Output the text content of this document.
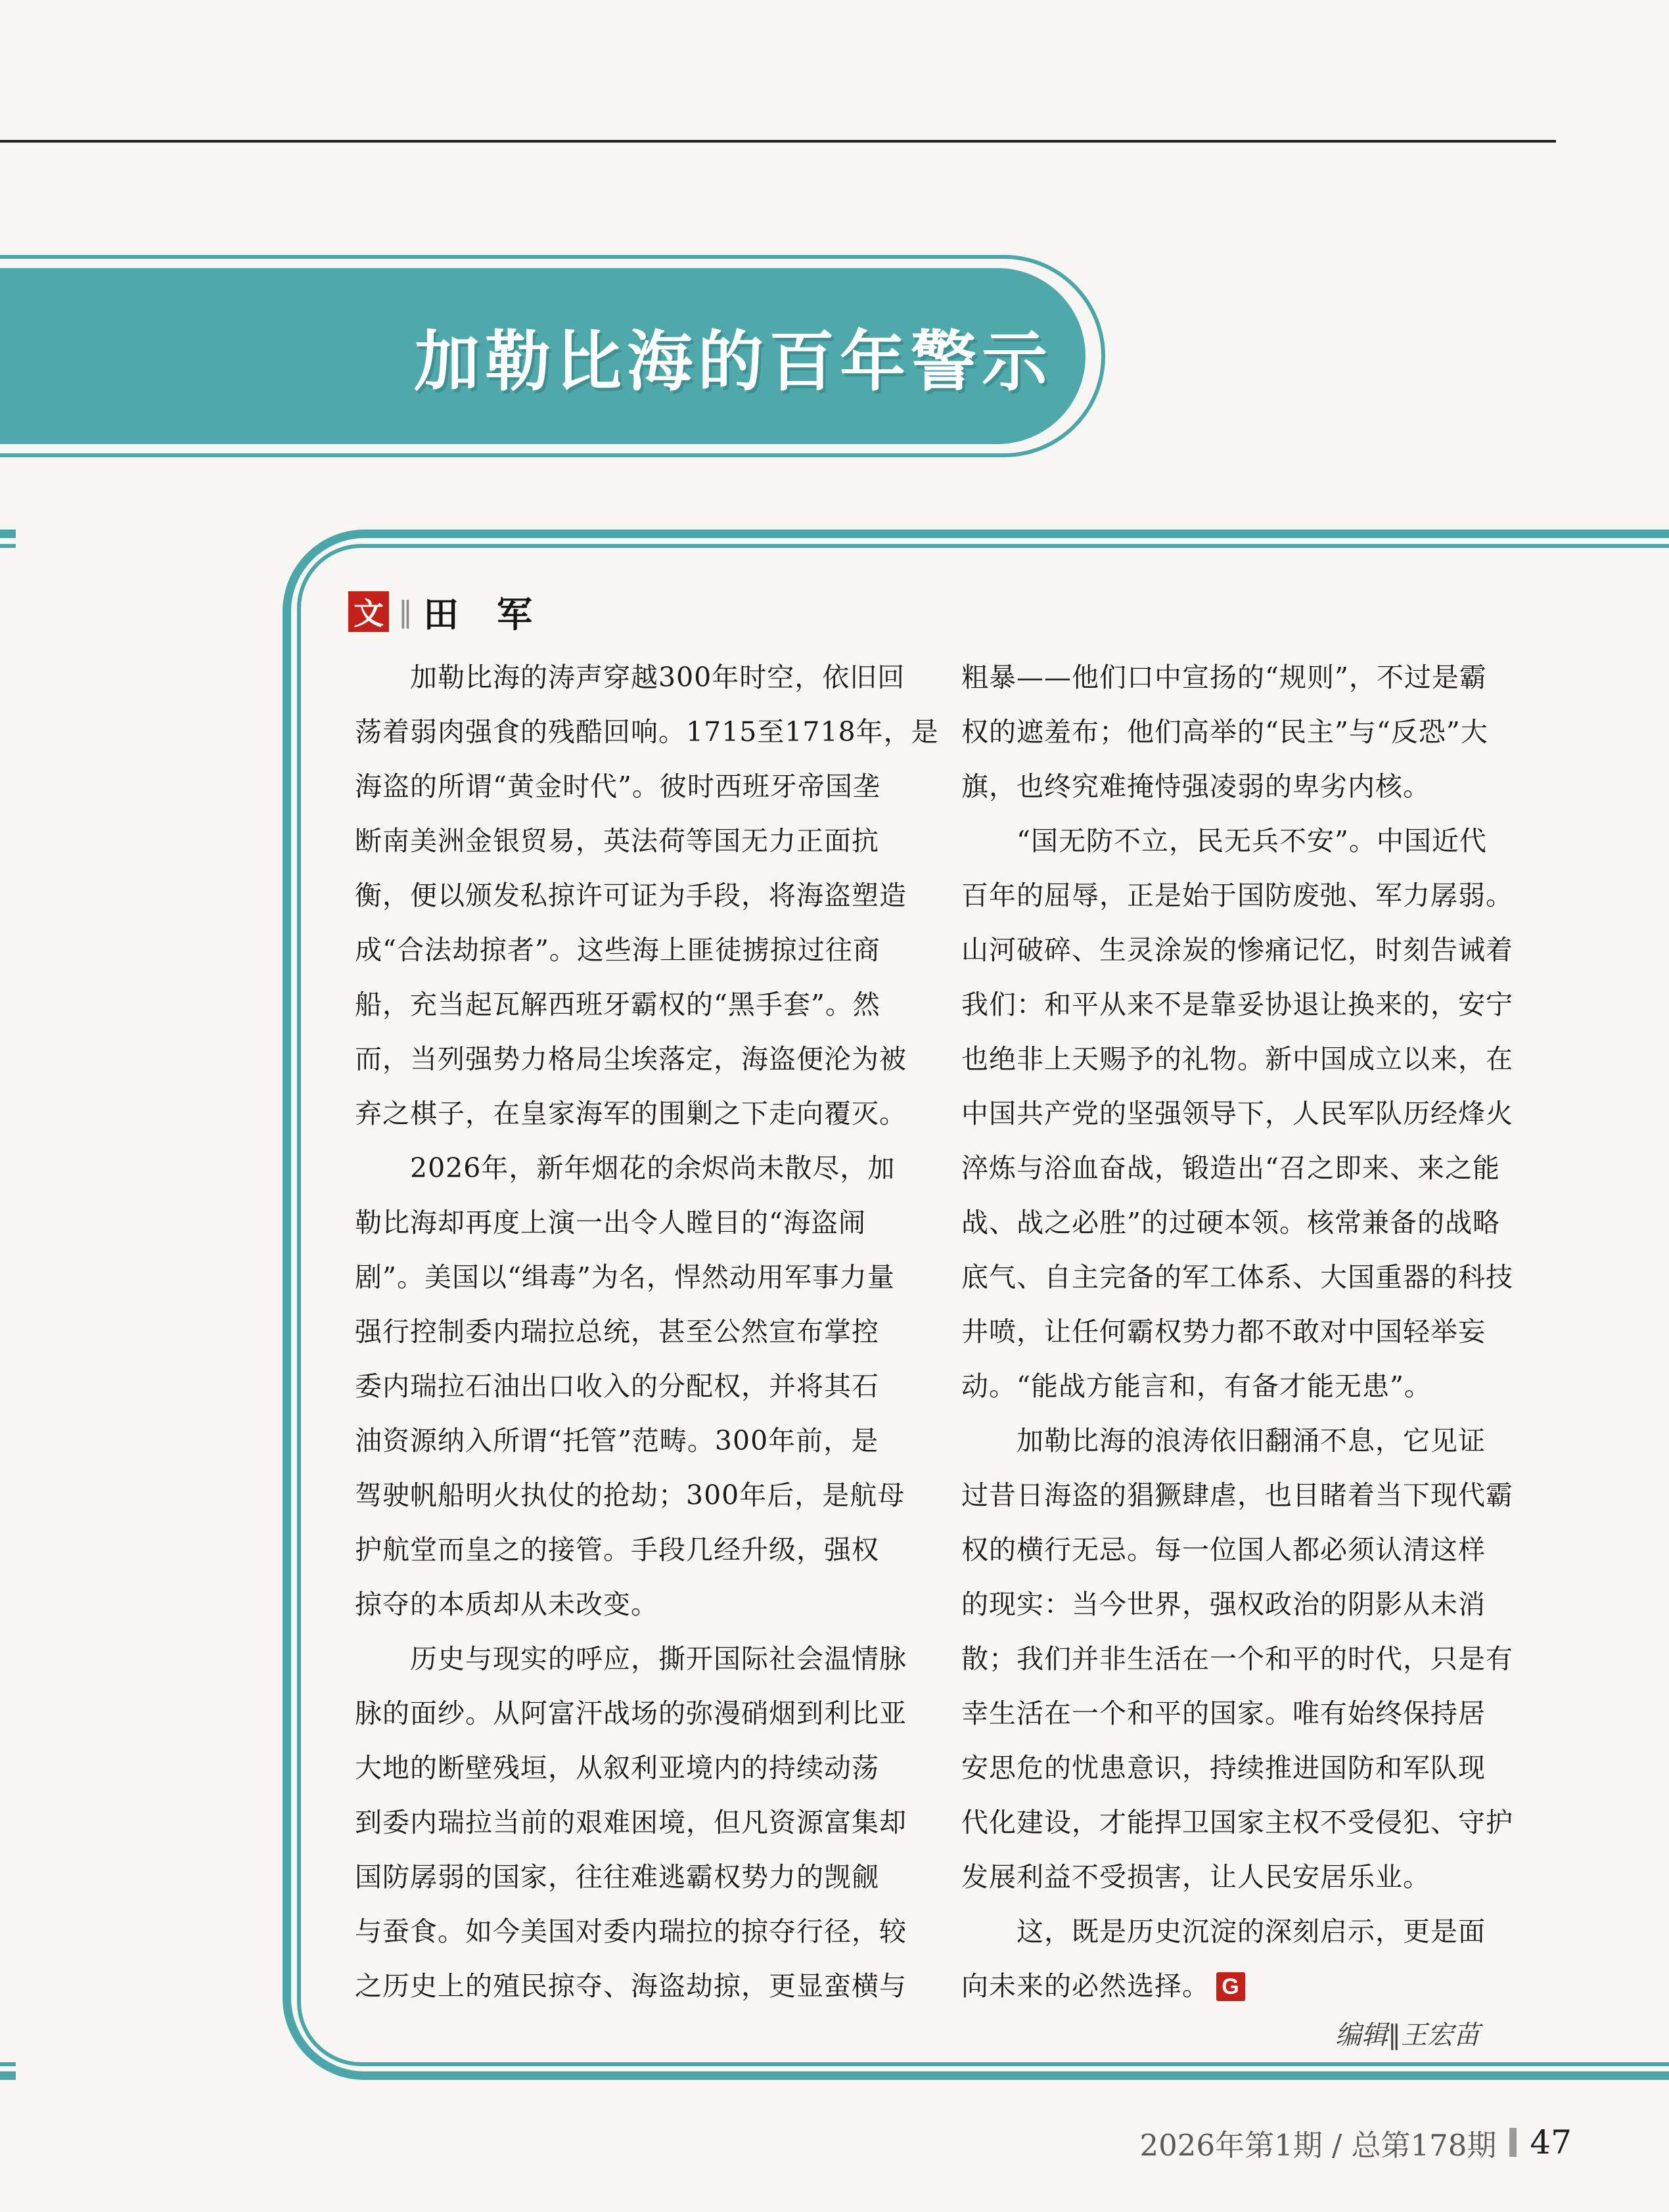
加勒比海的百年警示
文 ‖ 田　军
　　加勒比海的涛声穿越300年时空，依旧回
荡着弱肉强食的残酷回响。1715至1718年，是
海盗的所谓“黄金时代”。彼时西班牙帝国垄
断南美洲金银贸易，英法荷等国无力正面抗
衡，便以颁发私掠许可证为手段，将海盗塑造
成“合法劫掠者”。这些海上匪徒掳掠过往商
船，充当起瓦解西班牙霸权的“黑手套”。然
而，当列强势力格局尘埃落定，海盗便沦为被
弃之棋子，在皇家海军的围剿之下走向覆灭。
　　2026年，新年烟花的余烬尚未散尽，加
勒比海却再度上演一出令人瞠目的“海盗闹
剧”。美国以“缉毒”为名，悍然动用军事力量
强行控制委内瑞拉总统，甚至公然宣布掌控
委内瑞拉石油出口收入的分配权，并将其石
油资源纳入所谓“托管”范畴。300年前，是
驾驶帆船明火执仗的抢劫；300年后，是航母
护航堂而皇之的接管。手段几经升级，强权
掠夺的本质却从未改变。
　　历史与现实的呼应，撕开国际社会温情脉
脉的面纱。从阿富汗战场的弥漫硝烟到利比亚
大地的断壁残垣，从叙利亚境内的持续动荡
到委内瑞拉当前的艰难困境，但凡资源富集却
国防孱弱的国家，往往难逃霸权势力的觊觎
与蚕食。如今美国对委内瑞拉的掠夺行径，较
之历史上的殖民掠夺、海盗劫掠，更显蛮横与
粗暴——他们口中宣扬的“规则”，不过是霸
权的遮羞布；他们高举的“民主”与“反恐”大
旗，也终究难掩恃强凌弱的卑劣内核。
　　“国无防不立，民无兵不安”。中国近代
百年的屈辱，正是始于国防废弛、军力孱弱。
山河破碎、生灵涂炭的惨痛记忆，时刻告诫着
我们：和平从来不是靠妥协退让换来的，安宁
也绝非上天赐予的礼物。新中国成立以来，在
中国共产党的坚强领导下，人民军队历经烽火
淬炼与浴血奋战，锻造出“召之即来、来之能
战、战之必胜”的过硬本领。核常兼备的战略
底气、自主完备的军工体系、大国重器的科技
井喷，让任何霸权势力都不敢对中国轻举妄
动。“能战方能言和，有备才能无患”。
　　加勒比海的浪涛依旧翻涌不息，它见证
过昔日海盗的猖獗肆虐，也目睹着当下现代霸
权的横行无忌。每一位国人都必须认清这样
的现实：当今世界，强权政治的阴影从未消
散；我们并非生活在一个和平的时代，只是有
幸生活在一个和平的国家。唯有始终保持居
安思危的忧患意识，持续推进国防和军队现
代化建设，才能捍卫国家主权不受侵犯、守护
发展利益不受损害，让人民安居乐业。
　　这，既是历史沉淀的深刻启示，更是面
向未来的必然选择。 G
编辑‖王宏苗
2026年第1期 / 总第178期 47
